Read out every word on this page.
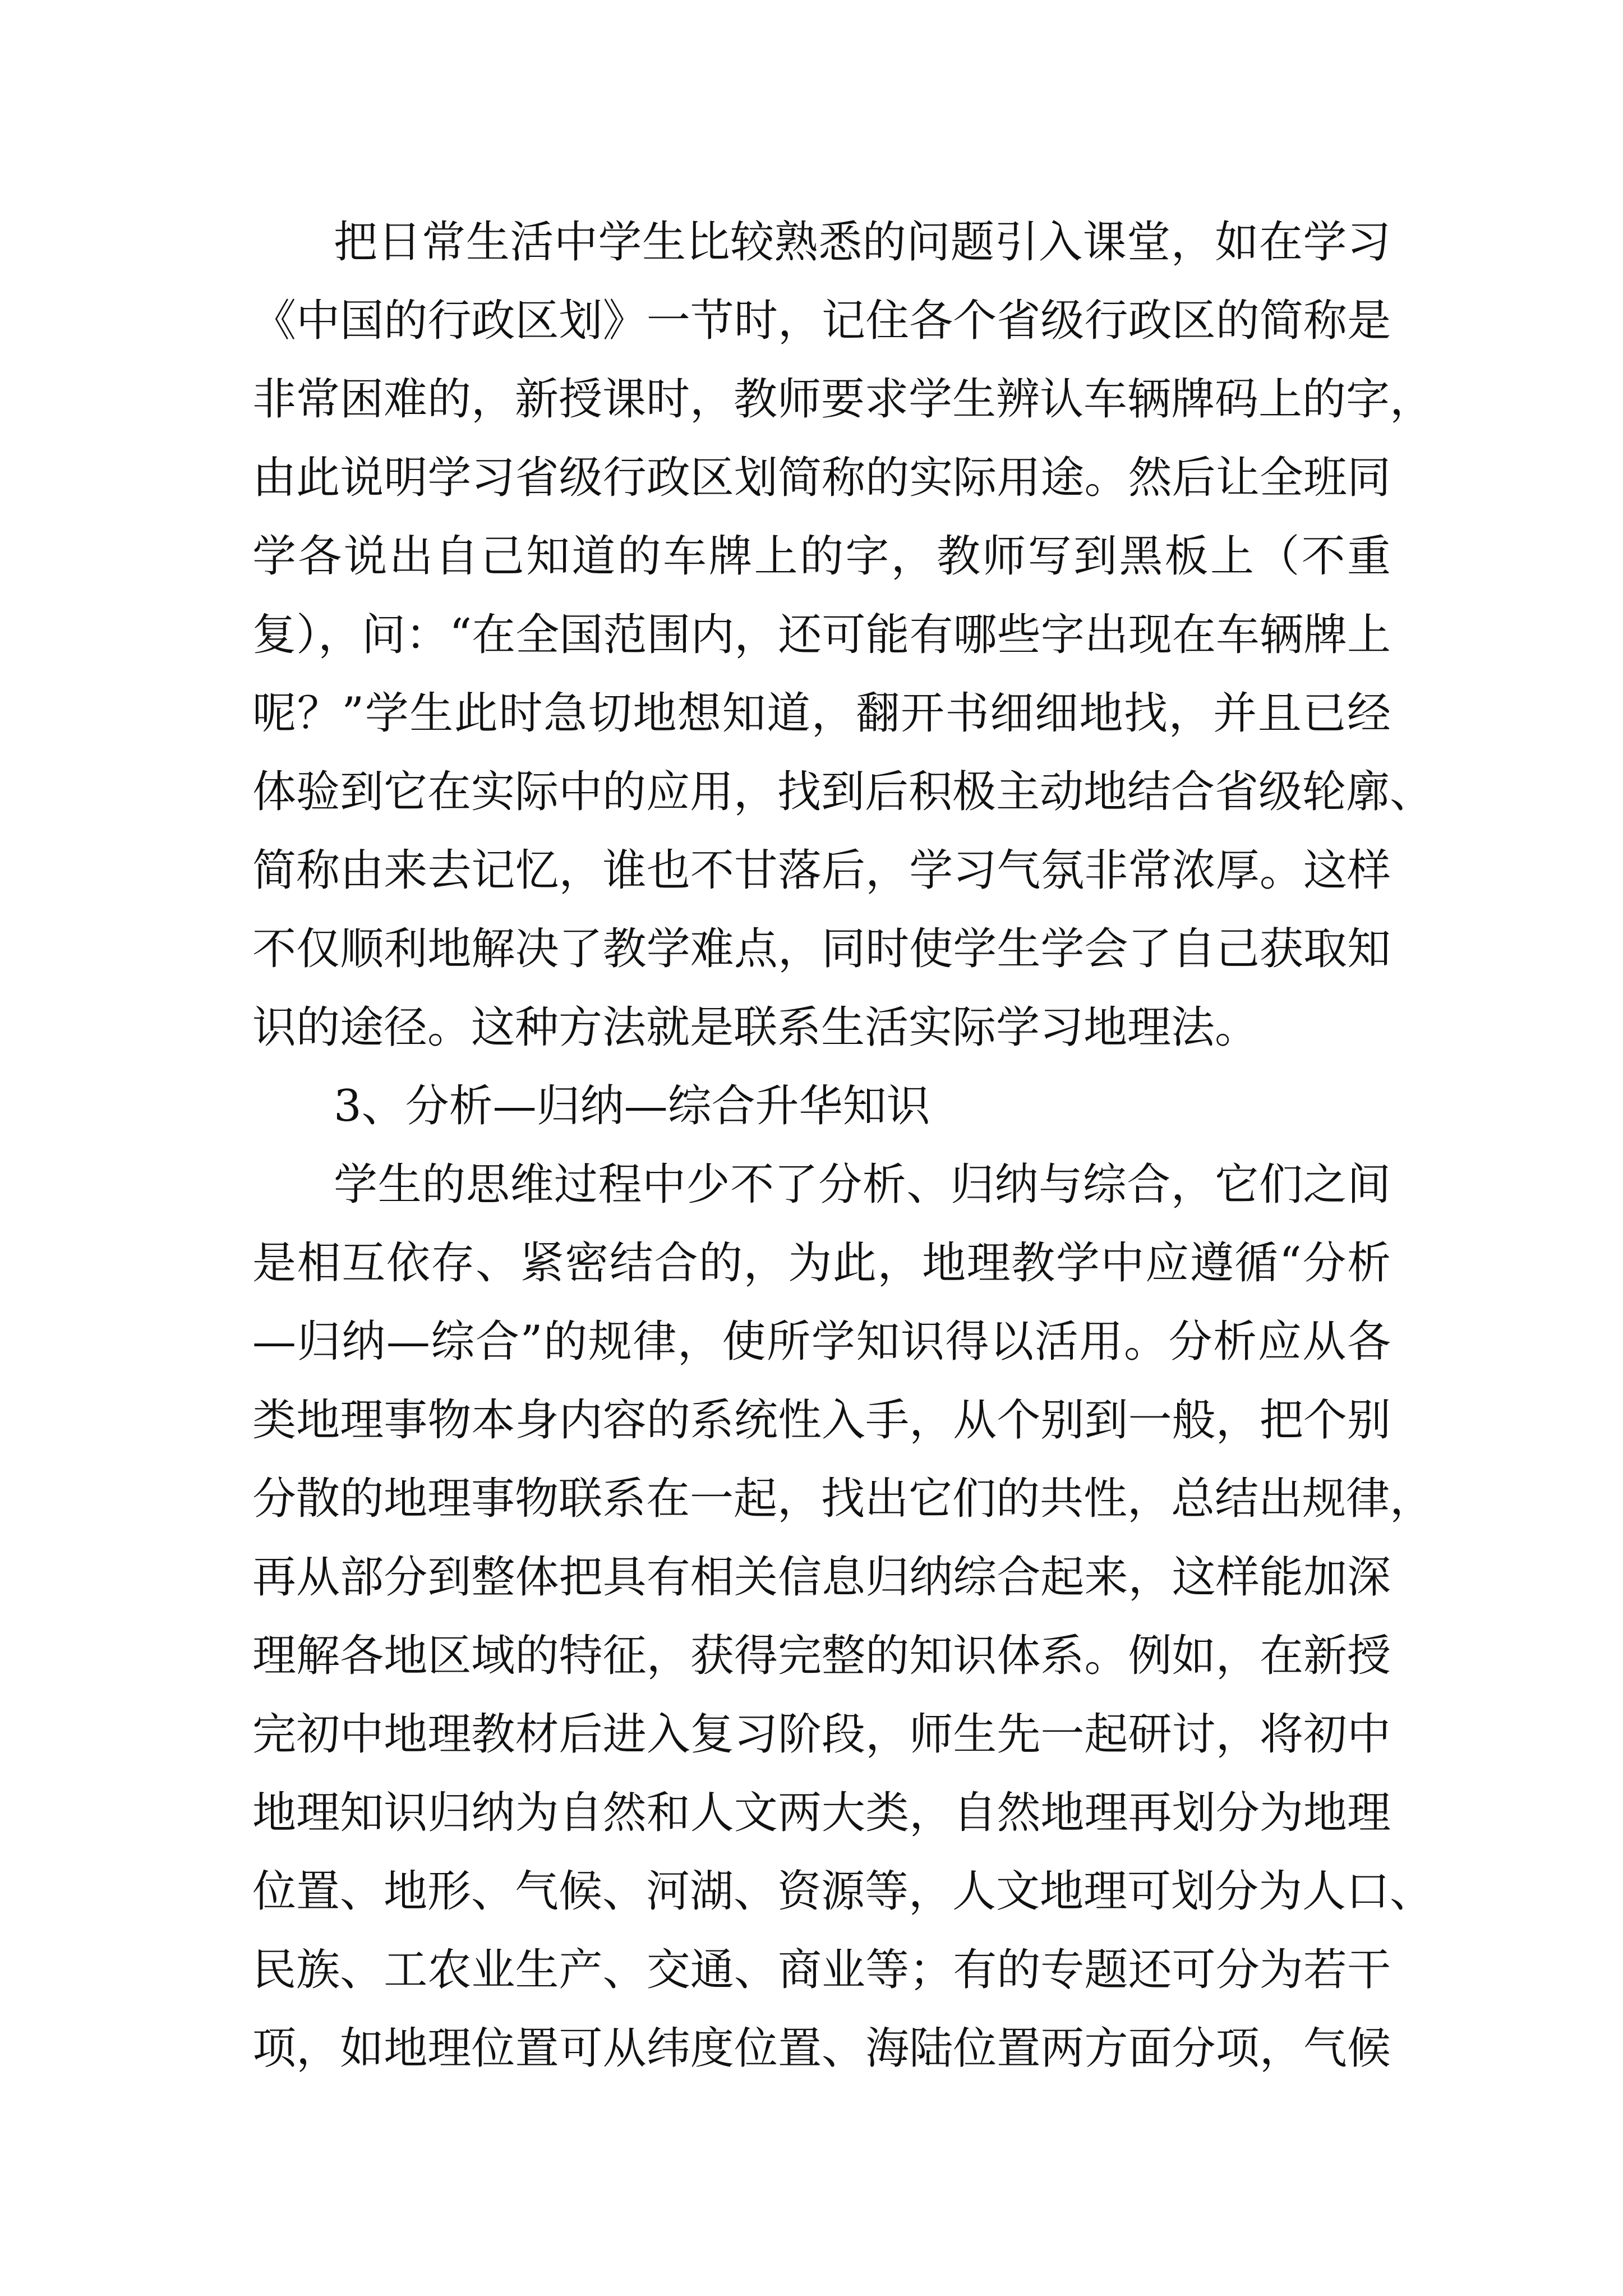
把日常生活中学生比较熟悉的问题引入课堂，如在学习
《中国的行政区划》一节时，记住各个省级行政区的简称是
非常困难的，新授课时，教师要求学生辨认车辆牌码上的字，
由此说明学习省级行政区划简称的实际用途。然后让全班同
学各说出自己知道的车牌上的字，教师写到黑板上（不重
复），问：“在全国范围内，还可能有哪些字出现在车辆牌上
呢？”学生此时急切地想知道，翻开书细细地找，并且已经
体验到它在实际中的应用，找到后积极主动地结合省级轮廓、
简称由来去记忆，谁也不甘落后，学习气氛非常浓厚。这样
不仅顺利地解决了教学难点，同时使学生学会了自己获取知
识的途径。这种方法就是联系生活实际学习地理法。
3、分析—归纳—综合升华知识
学生的思维过程中少不了分析、归纳与综合，它们之间
是相互依存、紧密结合的，为此，地理教学中应遵循“分析
—归纳—综合”的规律，使所学知识得以活用。分析应从各
类地理事物本身内容的系统性入手，从个别到一般，把个别
分散的地理事物联系在一起，找出它们的共性，总结出规律，
再从部分到整体把具有相关信息归纳综合起来，这样能加深
理解各地区域的特征，获得完整的知识体系。例如，在新授
完初中地理教材后进入复习阶段，师生先一起研讨，将初中
地理知识归纳为自然和人文两大类，自然地理再划分为地理
位置、地形、气候、河湖、资源等，人文地理可划分为人口、
民族、工农业生产、交通、商业等；有的专题还可分为若干
项，如地理位置可从纬度位置、海陆位置两方面分项，气候
